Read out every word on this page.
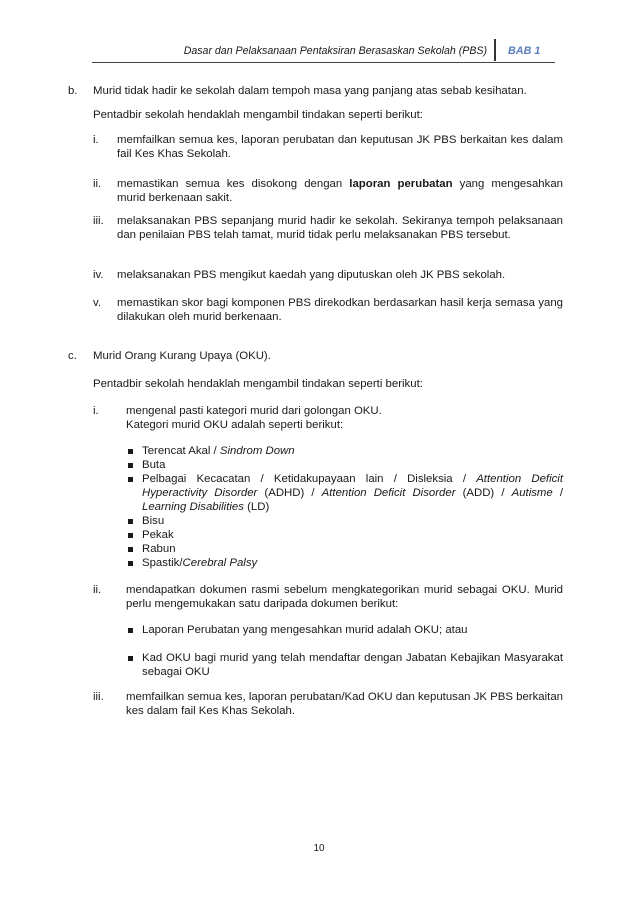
Dasar dan Pelaksanaan Pentaksiran Berasaskan Sekolah (PBS) BAB 1
b. Murid tidak hadir ke sekolah dalam tempoh masa yang panjang atas sebab kesihatan.
Pentadbir sekolah hendaklah mengambil tindakan seperti berikut:
i. memfailkan semua kes, laporan perubatan dan keputusan JK PBS berkaitan kes dalam fail Kes Khas Sekolah.
ii. memastikan semua kes disokong dengan laporan perubatan yang mengesahkan murid berkenaan sakit.
iii. melaksanakan PBS sepanjang murid hadir ke sekolah. Sekiranya tempoh pelaksanaan dan penilaian PBS telah tamat, murid tidak perlu melaksanakan PBS tersebut.
iv. melaksanakan PBS mengikut kaedah yang diputuskan oleh JK PBS sekolah.
v. memastikan skor bagi komponen PBS direkodkan berdasarkan hasil kerja semasa yang dilakukan oleh murid berkenaan.
c. Murid Orang Kurang Upaya (OKU).
Pentadbir sekolah hendaklah mengambil tindakan seperti berikut:
i. mengenal pasti kategori murid dari golongan OKU.
Kategori murid OKU adalah seperti berikut:
Terencat Akal / Sindrom Down
Buta
Pelbagai Kecacatan / Ketidakupayaan lain / Disleksia / Attention Deficit Hyperactivity Disorder (ADHD) / Attention Deficit Disorder (ADD) / Autisme / Learning Disabilities (LD)
Bisu
Pekak
Rabun
Spastik/Cerebral Palsy
ii. mendapatkan dokumen rasmi sebelum mengkategorikan murid sebagai OKU. Murid perlu mengemukakan satu daripada dokumen berikut:
Laporan Perubatan yang mengesahkan murid adalah OKU; atau
Kad OKU bagi murid yang telah mendaftar dengan Jabatan Kebajikan Masyarakat sebagai OKU
iii. memfailkan semua kes, laporan perubatan/Kad OKU dan keputusan JK PBS berkaitan kes dalam fail Kes Khas Sekolah.
10
